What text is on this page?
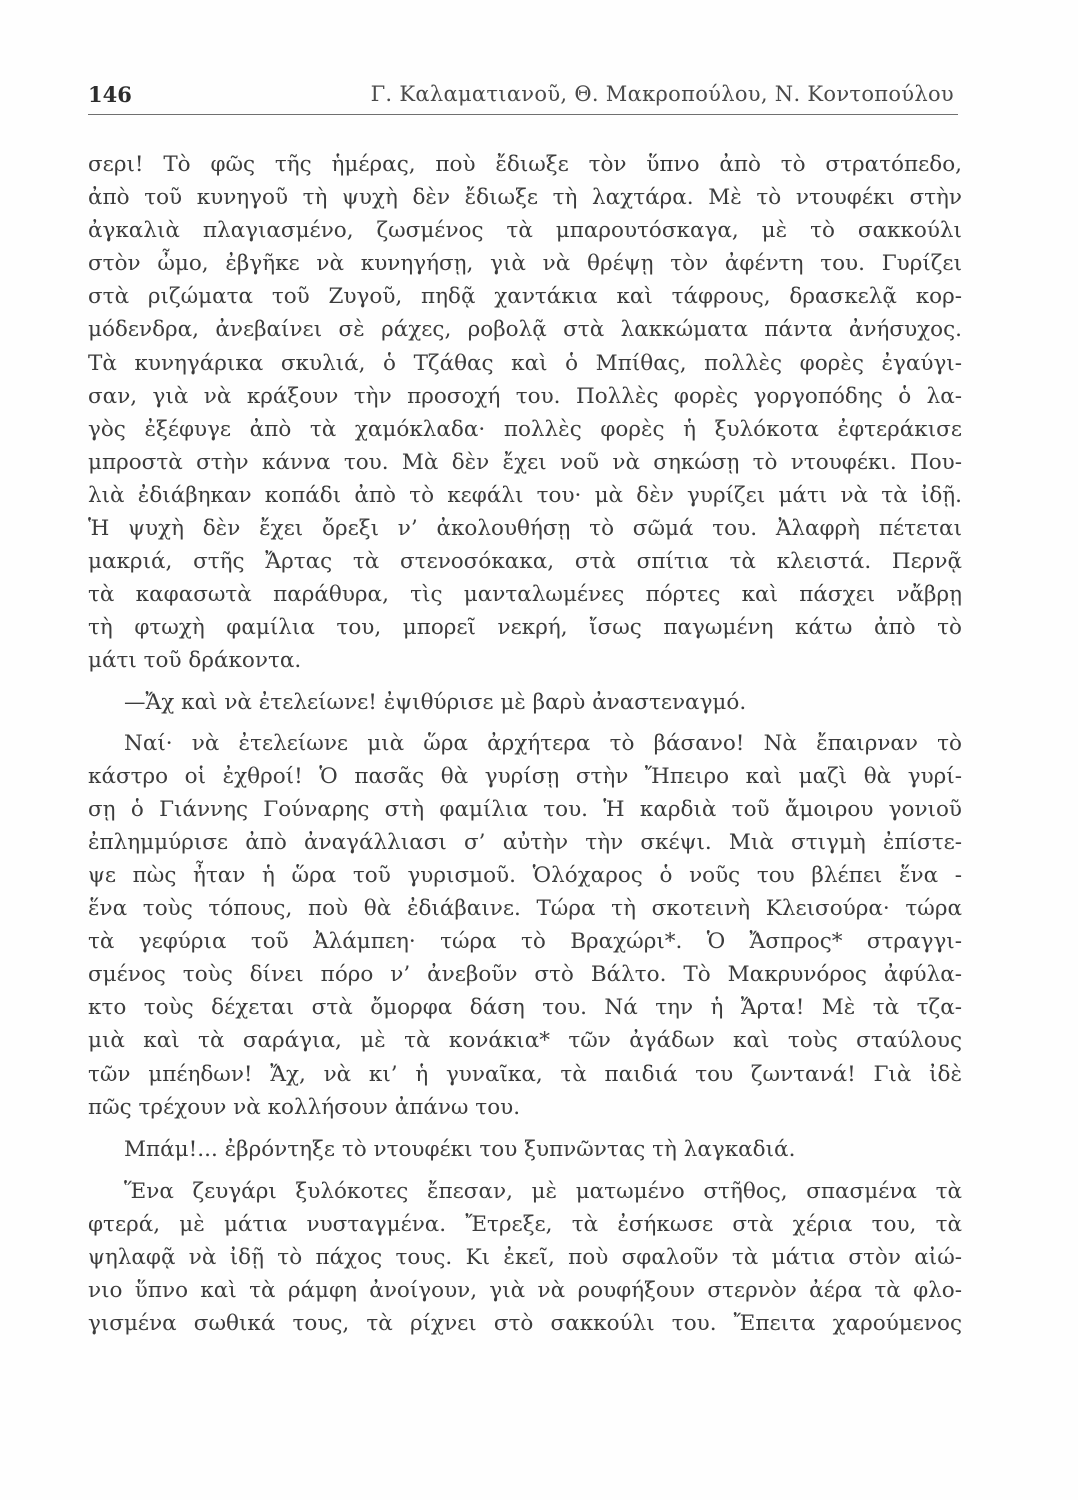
146	Γ. Καλαματιανοῦ, Θ. Μακροπούλου, Ν. Κοντοπούλου
σερι! Τὸ φῶς τῆς ἡμέρας, ποὺ ἔδιωξε τὸν ὕπνο ἀπὸ τὸ στρατόπεδο,
ἀπὸ τοῦ κυνηγοῦ τὴ ψυχὴ δὲν ἔδιωξε τὴ λαχτάρα. Μὲ τὸ ντουφέκι στὴν
ἀγκαλιὰ πλαγιασμένο, ζωσμένος τὰ μπαρουτόσκαγα, μὲ τὸ σακκούλι
στὸν ὦμο, ἐβγῆκε νὰ κυνηγήσῃ, γιὰ νὰ θρέψῃ τὸν ἀφέντη του. Γυρίζει
στὰ ριζώματα τοῦ Ζυγοῦ, πηδᾷ χαντάκια καὶ τάφρους, δρασκελᾷ κορ-
μόδενδρα, ἀνεβαίνει σὲ ράχες, ροβολᾷ στὰ λακκώματα πάντα ἀνήσυχος.
Τὰ κυνηγάρικα σκυλιά, ὁ Τζάθας καὶ ὁ Μπίθας, πολλὲς φορὲς ἐγαύγι-
σαν, γιὰ νὰ κράξουν τὴν προσοχή του. Πολλὲς φορὲς γοργοπόδης ὁ λα-
γὸς ἐξέφυγε ἀπὸ τὰ χαμόκλαδα· πολλὲς φορὲς ἡ ξυλόκοτα ἐφτεράκισε
μπροστὰ στὴν κάννα του. Μὰ δὲν ἔχει νοῦ νὰ σηκώσῃ τὸ ντουφέκι. Που-
λιὰ ἐδιάβηκαν κοπάδι ἀπὸ τὸ κεφάλι του· μὰ δὲν γυρίζει μάτι νὰ τὰ ἰδῇ.
Ἡ ψυχὴ δὲν ἔχει ὄρεξι ν’ ἀκολουθήσῃ τὸ σῶμά του. Ἀλαφρὴ πέτεται
μακριά, στῆς Ἄρτας τὰ στενοσόκακα, στὰ σπίτια τὰ κλειστά. Περνᾷ
τὰ καφασωτὰ παράθυρα, τὶς μανταλωμένες πόρτες καὶ πάσχει νἄβρῃ
τὴ φτωχὴ φαμίλια του, μπορεῖ νεκρή, ἴσως παγωμένη κάτω ἀπὸ τὸ
μάτι τοῦ δράκοντα.
—Ἄχ καὶ νὰ ἐτελείωνε! ἐψιθύρισε μὲ βαρὺ ἀναστεναγμό.
Ναί· νὰ ἐτελείωνε μιὰ ὥρα ἀρχήτερα τὸ βάσανο! Νὰ ἔπαιρναν τὸ
κάστρο οἱ ἐχθροί! Ὁ πασᾶς θὰ γυρίσῃ στὴν Ἤπειρο καὶ μαζὶ θὰ γυρί-
σῃ ὁ Γιάννης Γούναρης στὴ φαμίλια του. Ἡ καρδιὰ τοῦ ἄμοιρου γονιοῦ
ἐπλημμύρισε ἀπὸ ἀναγάλλιασι σ’ αὐτὴν τὴν σκέψι. Μιὰ στιγμὴ ἐπίστε-
ψε πὼς ἦταν ἡ ὥρα τοῦ γυρισμοῦ. Ὁλόχαρος ὁ νοῦς του βλέπει ἕνα -
ἕνα τοὺς τόπους, ποὺ θὰ ἐδιάβαινε. Τώρα τὴ σκοτεινὴ Κλεισούρα· τώρα
τὰ γεφύρια τοῦ Ἀλάμπεη· τώρα τὸ Βραχώρι*. Ὁ Ἄσπρος* στραγγι-
σμένος τοὺς δίνει πόρο ν’ ἀνεβοῦν στὸ Βάλτο. Τὸ Μακρυνόρος ἀφύλα-
κτο τοὺς δέχεται στὰ ὄμορφα δάση του. Νά την ἡ Ἄρτα! Μὲ τὰ τζα-
μιὰ καὶ τὰ σαράγια, μὲ τὰ κονάκια* τῶν ἀγάδων καὶ τοὺς σταύλους
τῶν μπέηδων! Ἄχ, νὰ κι’ ἡ γυναῖκα, τὰ παιδιά του ζωντανά! Γιὰ ἰδὲ
πῶς τρέχουν νὰ κολλήσουν ἀπάνω του.
Μπάμ!... ἐβρόντηξε τὸ ντουφέκι του ξυπνῶντας τὴ λαγκαδιά.
Ἕνα ζευγάρι ξυλόκοτες ἔπεσαν, μὲ ματωμένο στῆθος, σπασμένα τὰ
φτερά, μὲ μάτια νυσταγμένα. Ἔτρεξε, τὰ ἐσήκωσε στὰ χέρια του, τὰ
ψηλαφᾷ νὰ ἰδῇ τὸ πάχος τους. Κι ἐκεῖ, ποὺ σφαλοῦν τὰ μάτια στὸν αἰώ-
νιο ὕπνο καὶ τὰ ράμφη ἀνοίγουν, γιὰ νὰ ρουφήξουν στερνὸν ἀέρα τὰ φλο-
γισμένα σωθικά τους, τὰ ρίχνει στὸ σακκούλι του. Ἔπειτα χαρούμενος
